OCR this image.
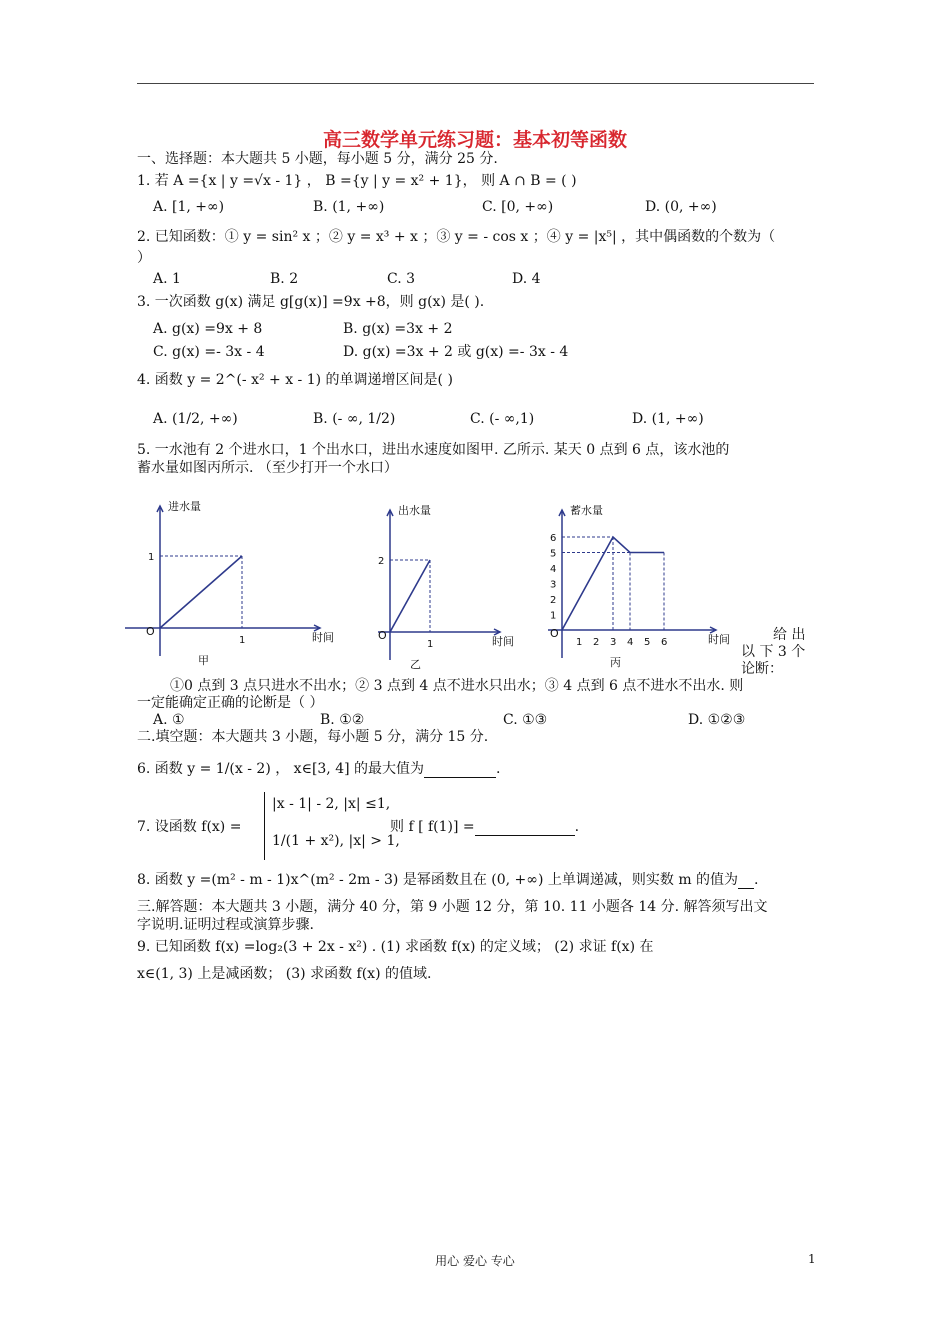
高三数学单元练习题：基本初等函数
一、选择题：本大题共 5 小题，每小题 5 分，满分 25 分.
1. 若 A ={x | y =√x - 1} ， B ={y | y = x² + 1}， 则 A ∩ B = ( )
A. [1, +∞)	B. (1, +∞)	C. [0, +∞)	D. (0, +∞)
2. 已知函数：① y = sin² x ；② y = x³ + x ；③ y = - cos x ；④ y = |x⁵| ，其中偶函数的个数为（
）
A. 1	B. 2	C. 3	D. 4
3. 一次函数 g(x) 满足 g[g(x)] =9x +8，则 g(x) 是( ).
A. g(x) =9x + 8	B. g(x) =3x + 2
C. g(x) =- 3x - 4	D. g(x) =3x + 2 或 g(x) =- 3x - 4
4. 函数 y = 2^(- x² + x - 1) 的单调递增区间是( )
A. (1/2, +∞)	B. (- ∞, 1/2)	C. (- ∞,1)	D. (1, +∞)
5. 一水池有 2 个进水口，1 个出水口，进出水速度如图甲. 乙所示. 某天 0 点到 6 点，该水池的
蓄水量如图丙所示. （至少打开一个水口）
进水量
时间
O
甲
1
1
出水量
时间
O
乙
1
2
蓄水量
时间
O
丙
1 2 3 4 5 6
1
2
3
4
5
6
给 出
以 下 3 个
论断：
①0 点到 3 点只进水不出水；② 3 点到 4 点不进水只出水；③ 4 点到 6 点不进水不出水. 则
一定能确定正确的论断是（ ）
A. ①	B. ①②	C. ①③	D. ①②③
二.填空题：本大题共 3 小题，每小题 5 分，满分 15 分.
6. 函数 y = 1/(x - 2) ， x∈[3, 4] 的最大值为	.
7. 设函数 f(x) =
|x - 1| - 2, |x| ≤1,
1/(1 + x²), |x| > 1,
则 f [ f(1)] =	.
8. 函数 y =(m² - m - 1)x^(m² - 2m - 3) 是幂函数且在 (0, +∞) 上单调递减，则实数 m 的值为 .
三.解答题：本大题共 3 小题，满分 40 分，第 9 小题 12 分，第 10. 11 小题各 14 分. 解答须写出文
字说明.证明过程或演算步骤.
9. 已知函数 f(x) =log₂(3 + 2x - x²) . (1) 求函数 f(x) 的定义域； (2) 求证 f(x) 在
x∈(1, 3) 上是减函数； (3) 求函数 f(x) 的值域.
用心 爱心 专心	1
